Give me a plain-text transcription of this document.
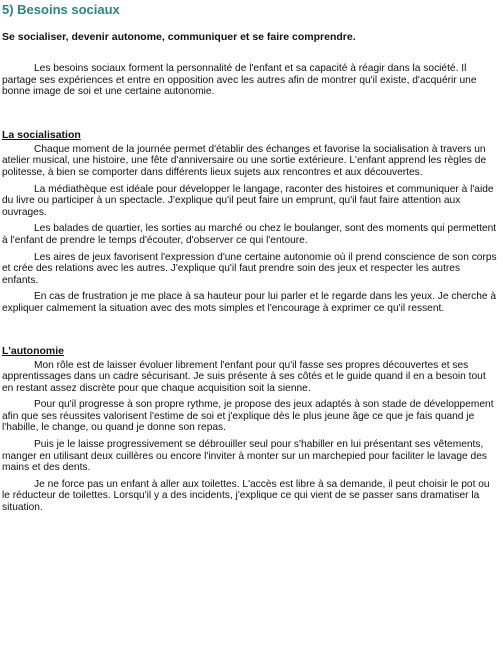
5) Besoins sociaux
Se socialiser, devenir autonome, communiquer et se faire comprendre.

Les besoins sociaux forment la personnalité de l'enfant et sa capacité à réagir dans la société. Il partage ses expériences et entre en opposition avec les autres afin de montrer qu'il existe, d'acquérir une bonne image de soi et une certaine autonomie.

La socialisation

Chaque moment de la journée permet d'établir des échanges et favorise la socialisation à travers un atelier musical, une histoire, une fête d'anniversaire ou une sortie extérieure. L'enfant apprend les règles de politesse, à bien se comporter dans différents lieux sujets aux rencontres et aux découvertes.

La médiathèque est idéale pour développer le langage, raconter des histoires et communiquer à l'aide du livre ou participer à un spectacle. J'explique qu'il peut faire un emprunt, qu'il faut faire attention aux ouvrages.

Les balades de quartier, les sorties au marché ou chez le boulanger, sont des moments qui permettent à l'enfant de prendre le temps d'écouter, d'observer ce qui l'entoure.

Les aires de jeux favorisent l'expression d'une certaine autonomie où il prend conscience de son corps et crée des relations avec les autres. J'explique qu'il faut prendre soin des jeux et respecter les autres enfants.

En cas de frustration je me place à sa hauteur pour lui parler et le regarde dans les yeux. Je cherche à expliquer calmement la situation avec des mots simples et l'encourage à exprimer ce qu'il ressent.

L'autonomie

Mon rôle est de laisser évoluer librement l'enfant pour qu'il fasse ses propres découvertes et ses apprentissages dans un cadre sécurisant. Je suis présente à ses côtés et le guide quand il en a besoin tout en restant assez discrète pour que chaque acquisition soit la sienne.

Pour qu'il progresse à son propre rythme, je propose des jeux adaptés à son stade de développement afin que ses réussites valorisent l'estime de soi et j'explique dès le plus jeune âge ce que je fais quand je l'habille, le change, ou quand je donne son repas.

Puis je le laisse progressivement se débrouiller seul pour s'habiller en lui présentant ses vêtements, manger en utilisant deux cuillères ou encore l'inviter à monter sur un marchepied pour faciliter le lavage des mains et des dents.

Je ne force pas un enfant à aller aux toilettes. L'accès est libre à sa demande, il peut choisir le pot ou le réducteur de toilettes. Lorsqu'il y a des incidents, j'explique ce qui vient de se passer sans dramatiser la situation.
